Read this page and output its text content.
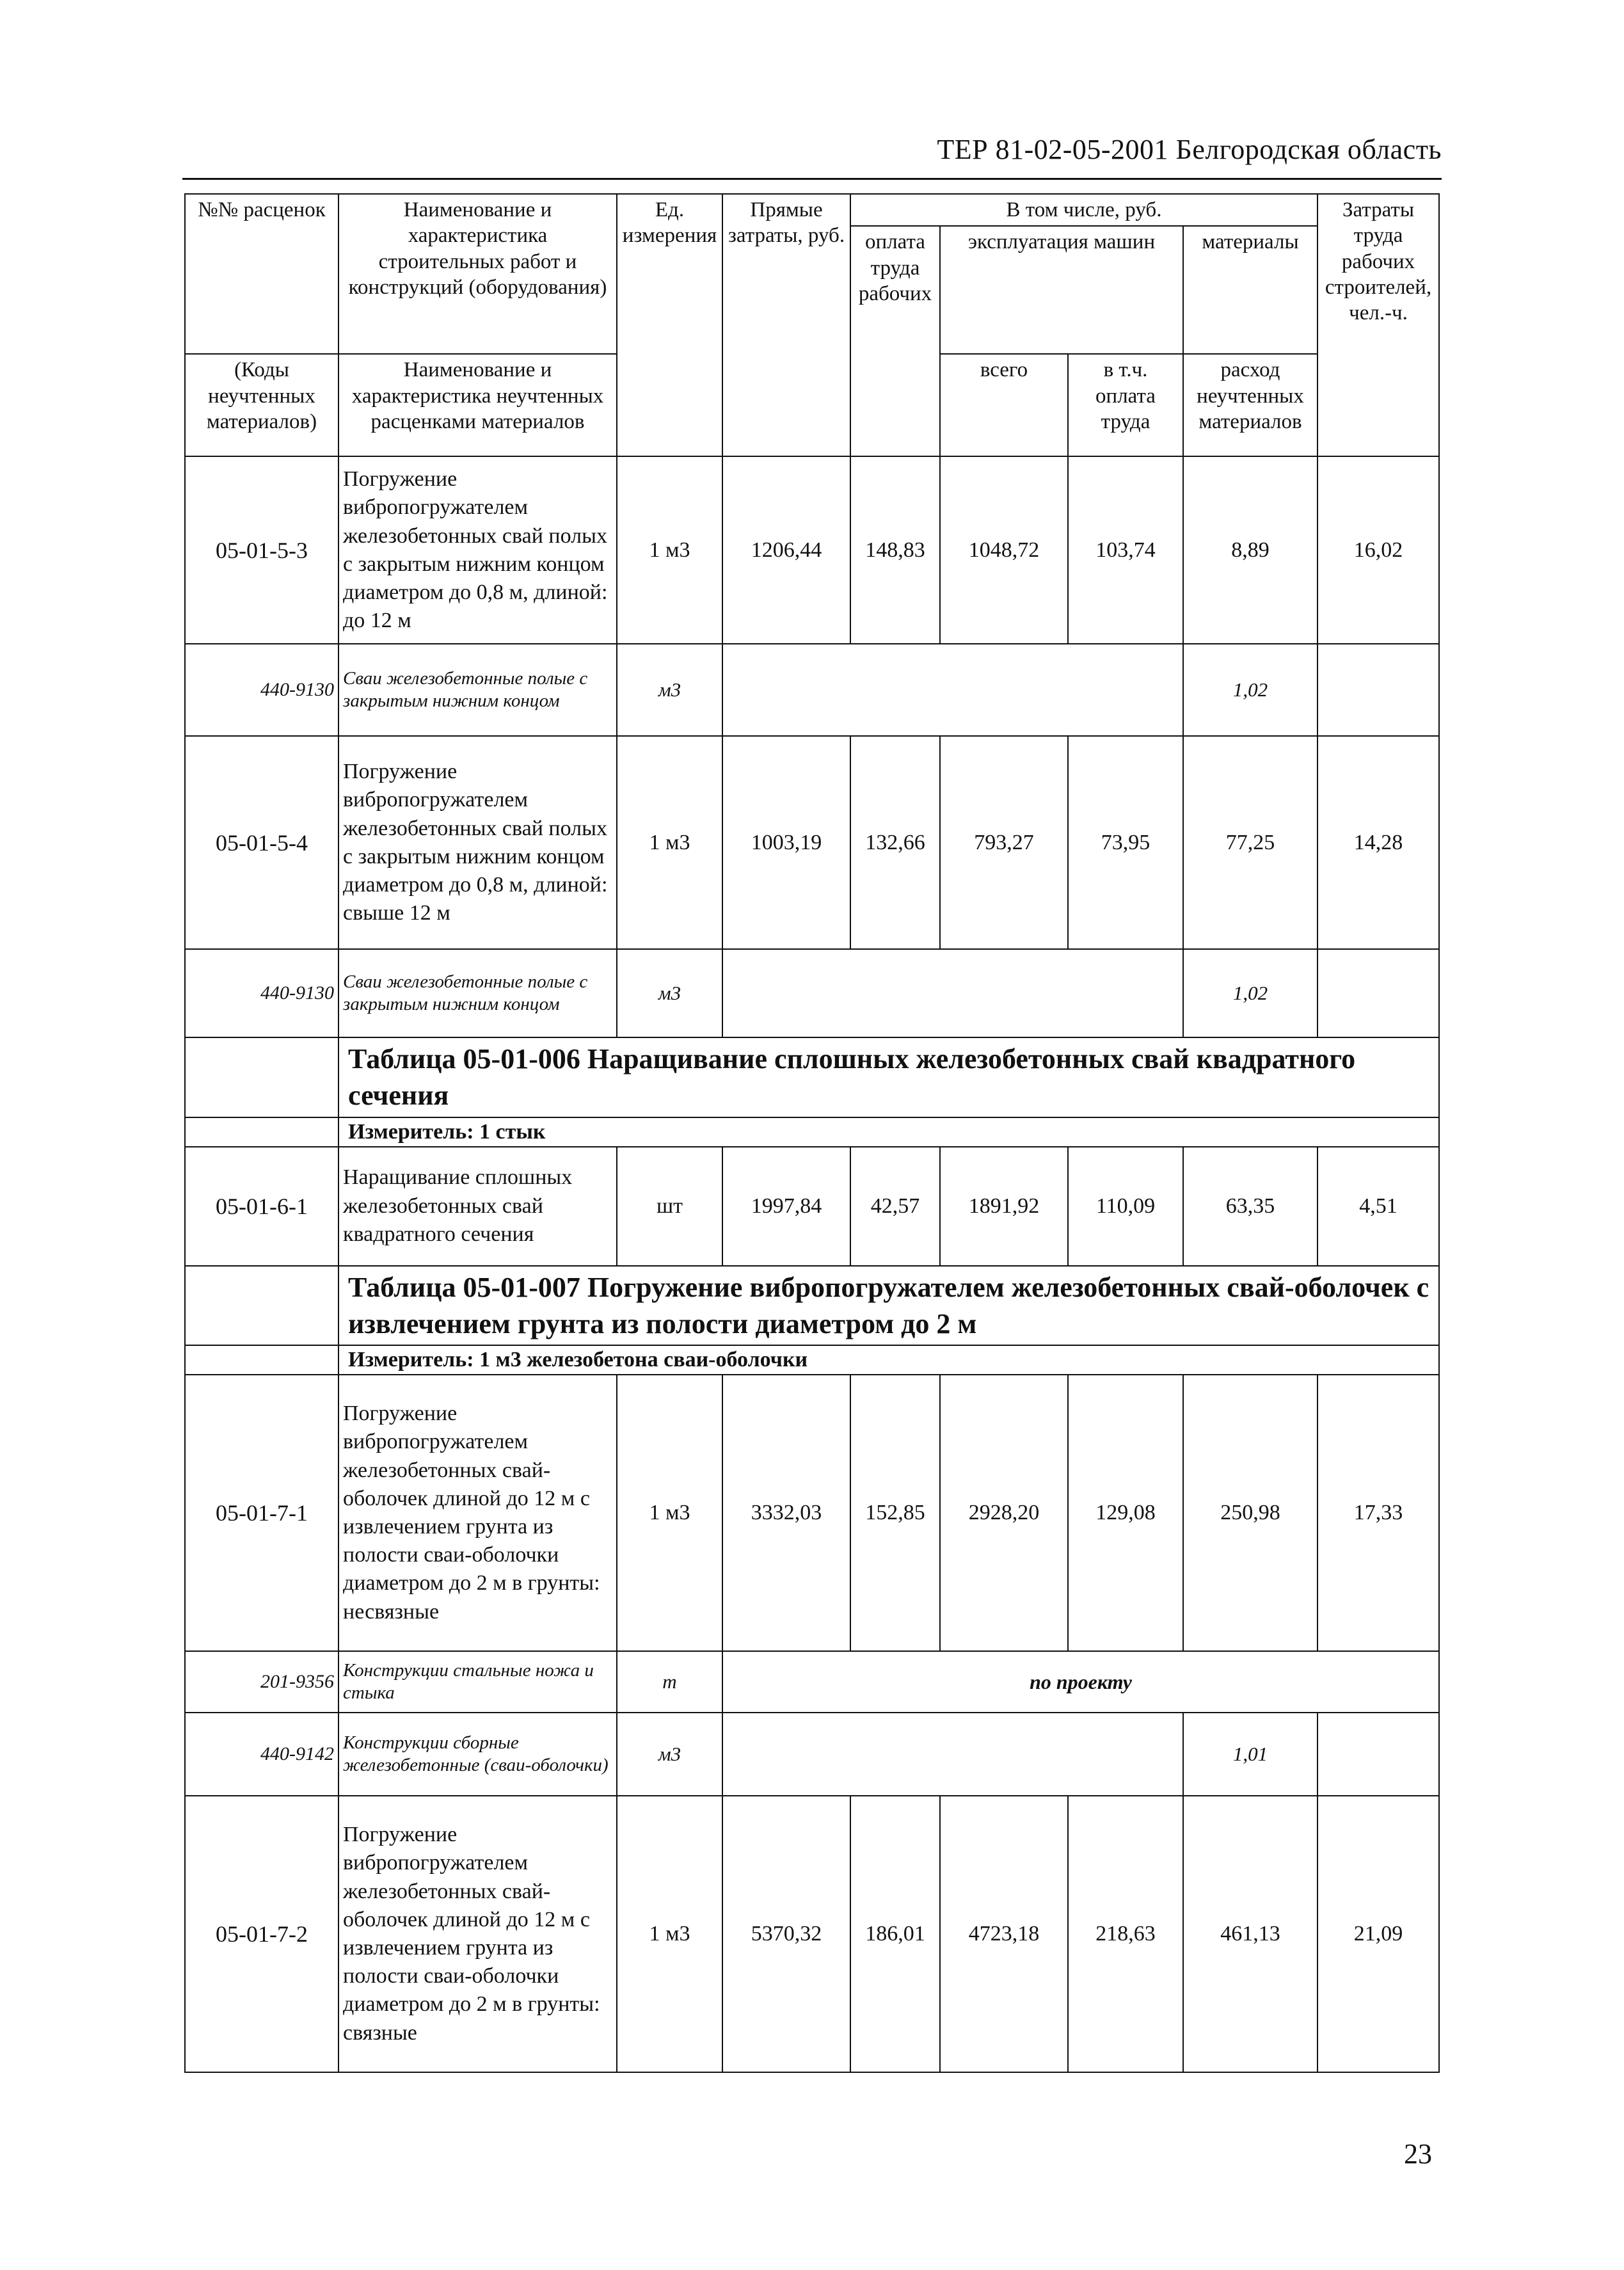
ТЕР 81-02-05-2001 Белгородская область
№№ расценок	Наименование и характеристика строительных работ и конструкций (оборудования)	Ед. измерения	Прямые затраты, руб.	В том числе, руб.				Затраты труда рабочих строителей, чел.-ч.
				оплата труда рабочих	эксплуатация машин		материалы	
(Коды неучтенных материалов)	Наименование и характеристика неучтенных расценками материалов				всего	в т.ч. оплата труда	расход неучтенных материалов	

05-01-5-3	Погружение вибропогружателем железобетонных свай полых с закрытым нижним концом диаметром до 0,8 м, длиной: до 12 м	1 м3	1206,44	148,83	1048,72	103,74	8,89	16,02
440-9130	Сваи железобетонные полые с закрытым нижним концом	м3					1,02	
05-01-5-4	Погружение вибропогружателем железобетонных свай полых с закрытым нижним концом диаметром до 0,8 м, длиной: свыше 12 м	1 м3	1003,19	132,66	793,27	73,95	77,25	14,28
440-9130	Сваи железобетонные полые с закрытым нижним концом	м3					1,02	
	Таблица 05-01-006 Наращивание сплошных железобетонных свай квадратного сечения							
	Измеритель: 1 стык							
05-01-6-1	Наращивание сплошных железобетонных свай квадратного сечения	шт	1997,84	42,57	1891,92	110,09	63,35	4,51
	Таблица 05-01-007 Погружение вибропогружателем железобетонных свай-оболочек с извлечением грунта из полости диаметром до 2 м							
	Измеритель: 1 м3 железобетона сваи-оболочки							
05-01-7-1	Погружение вибропогружателем железобетонных свай-оболочек длиной до 12 м с извлечением грунта из полости сваи-оболочки диаметром до 2 м в грунты: несвязные	1 м3	3332,03	152,85	2928,20	129,08	250,98	17,33
201-9356	Конструкции стальные ножа и стыка	т	по проекту					
440-9142	Конструкции сборные железобетонные (сваи-оболочки)	м3					1,01	
05-01-7-2	Погружение вибропогружателем железобетонных свай-оболочек длиной до 12 м с извлечением грунта из полости сваи-оболочки диаметром до 2 м в грунты: связные	1 м3	5370,32	186,01	4723,18	218,63	461,13	21,09
23
